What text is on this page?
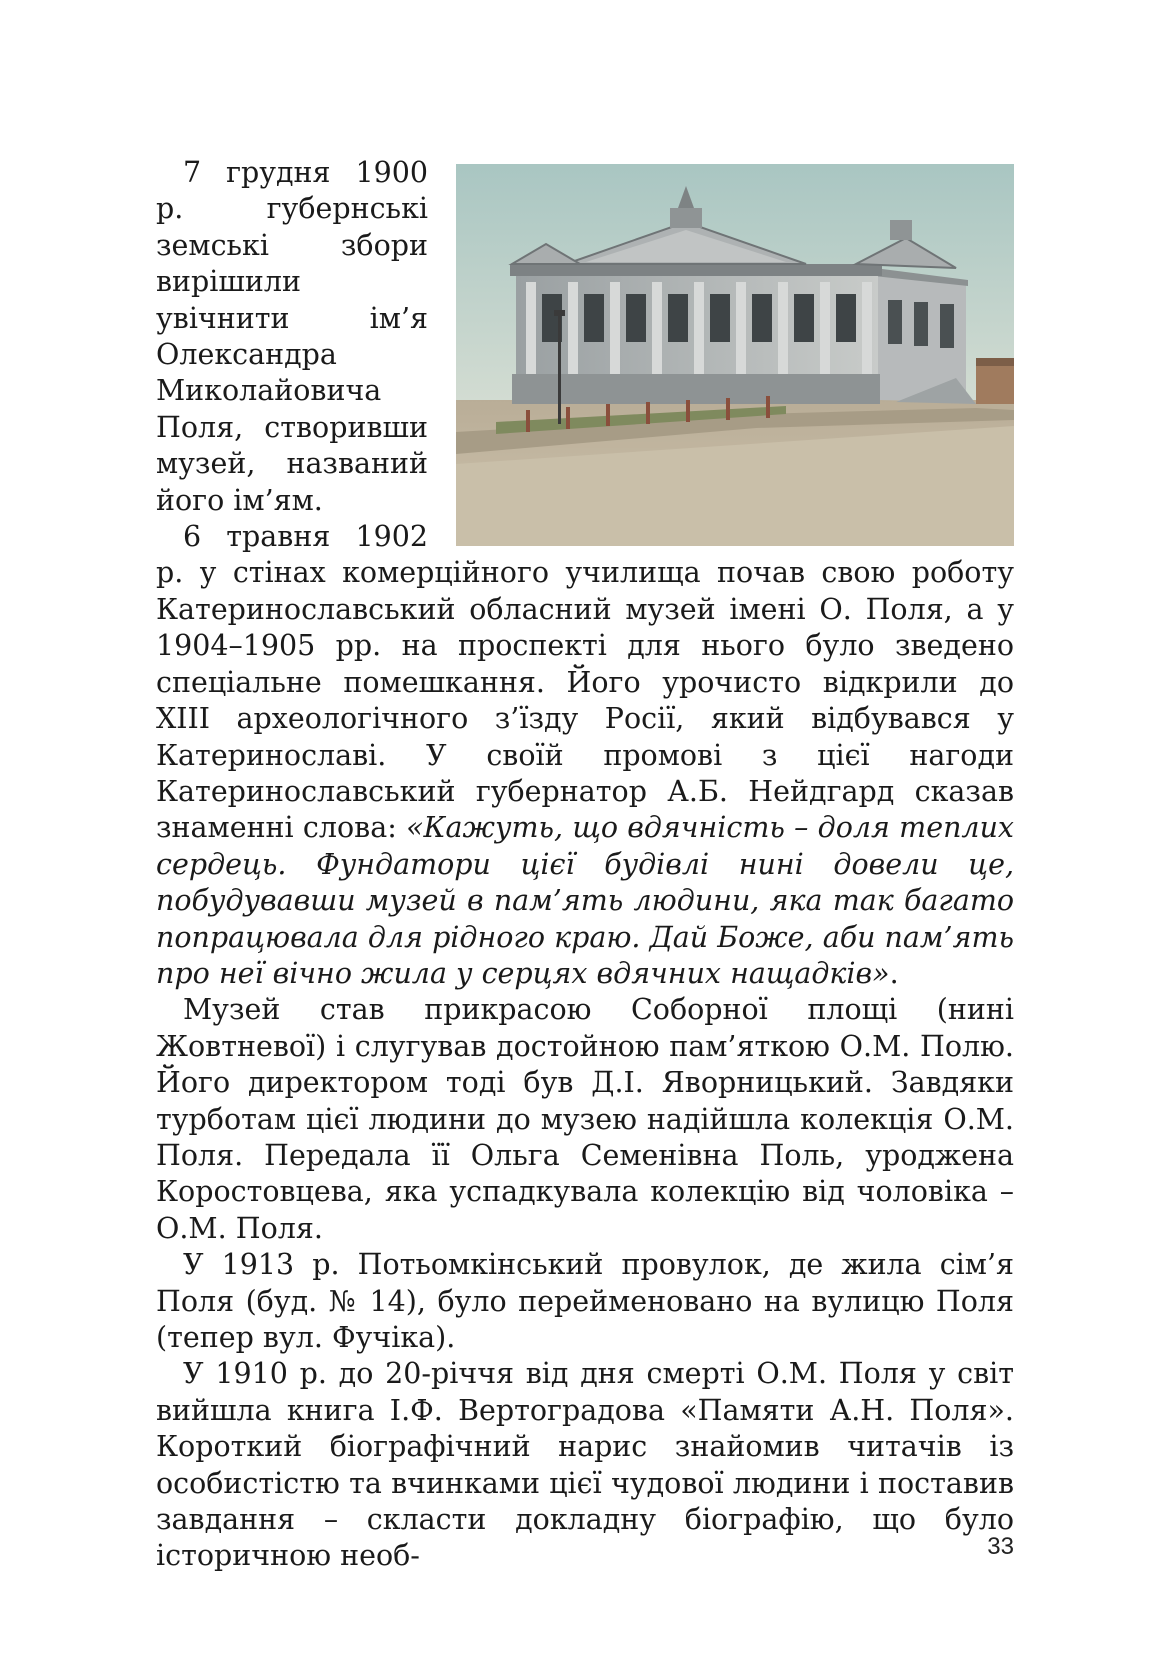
7 грудня 1900 р. губернські земські збори вирішили увічнити ім’я Олександра Миколайовича Поля, створивши музей, названий його ім’ям.

6 травня 1902 р. у стінах комерційного училища почав свою роботу Катеринославський обласний музей імені О. Поля, а у 1904–1905 рр. на проспекті для нього було зведено спеціальне помешкання. Його урочисто відкрили до XIII археологічного з’їзду Росії, який відбувався у Катеринославі. У своїй промові з цієї нагоди Катеринославський губернатор А.Б. Нейдгард сказав знаменні слова: «Кажуть, що вдячність – доля теплих сердець. Фундатори цієї будівлі нині довели це, побудувавши музей в пам’ять людини, яка так багато попрацювала для рідного краю. Дай Боже, аби пам’ять про неї вічно жила у серцях вдячних нащадків».

Музей став прикрасою Соборної площі (нині Жовтневої) і слугував достойною пам’яткою О.М. Полю. Його директором тоді був Д.І. Яворницький. Завдяки турботам цієї людини до музею надійшла колекція О.М. Поля. Передала її Ольга Семенівна Поль, уроджена Коростовцева, яка успадкувала колекцію від чоловіка – О.М. Поля.

У 1913 р. Потьомкінський провулок, де жила сім’я Поля (буд. № 14), було перейменовано на вулицю Поля (тепер вул. Фучіка).

У 1910 р. до 20-річчя від дня смерті О.М. Поля у світ вийшла книга І.Ф. Вертоградова «Памяти А.Н. Поля». Короткий біографічний нарис знайомив читачів із особистістю та вчинками цієї чудової людини і поставив завдання – скласти докладну біографію, що було історичною необ-	33
